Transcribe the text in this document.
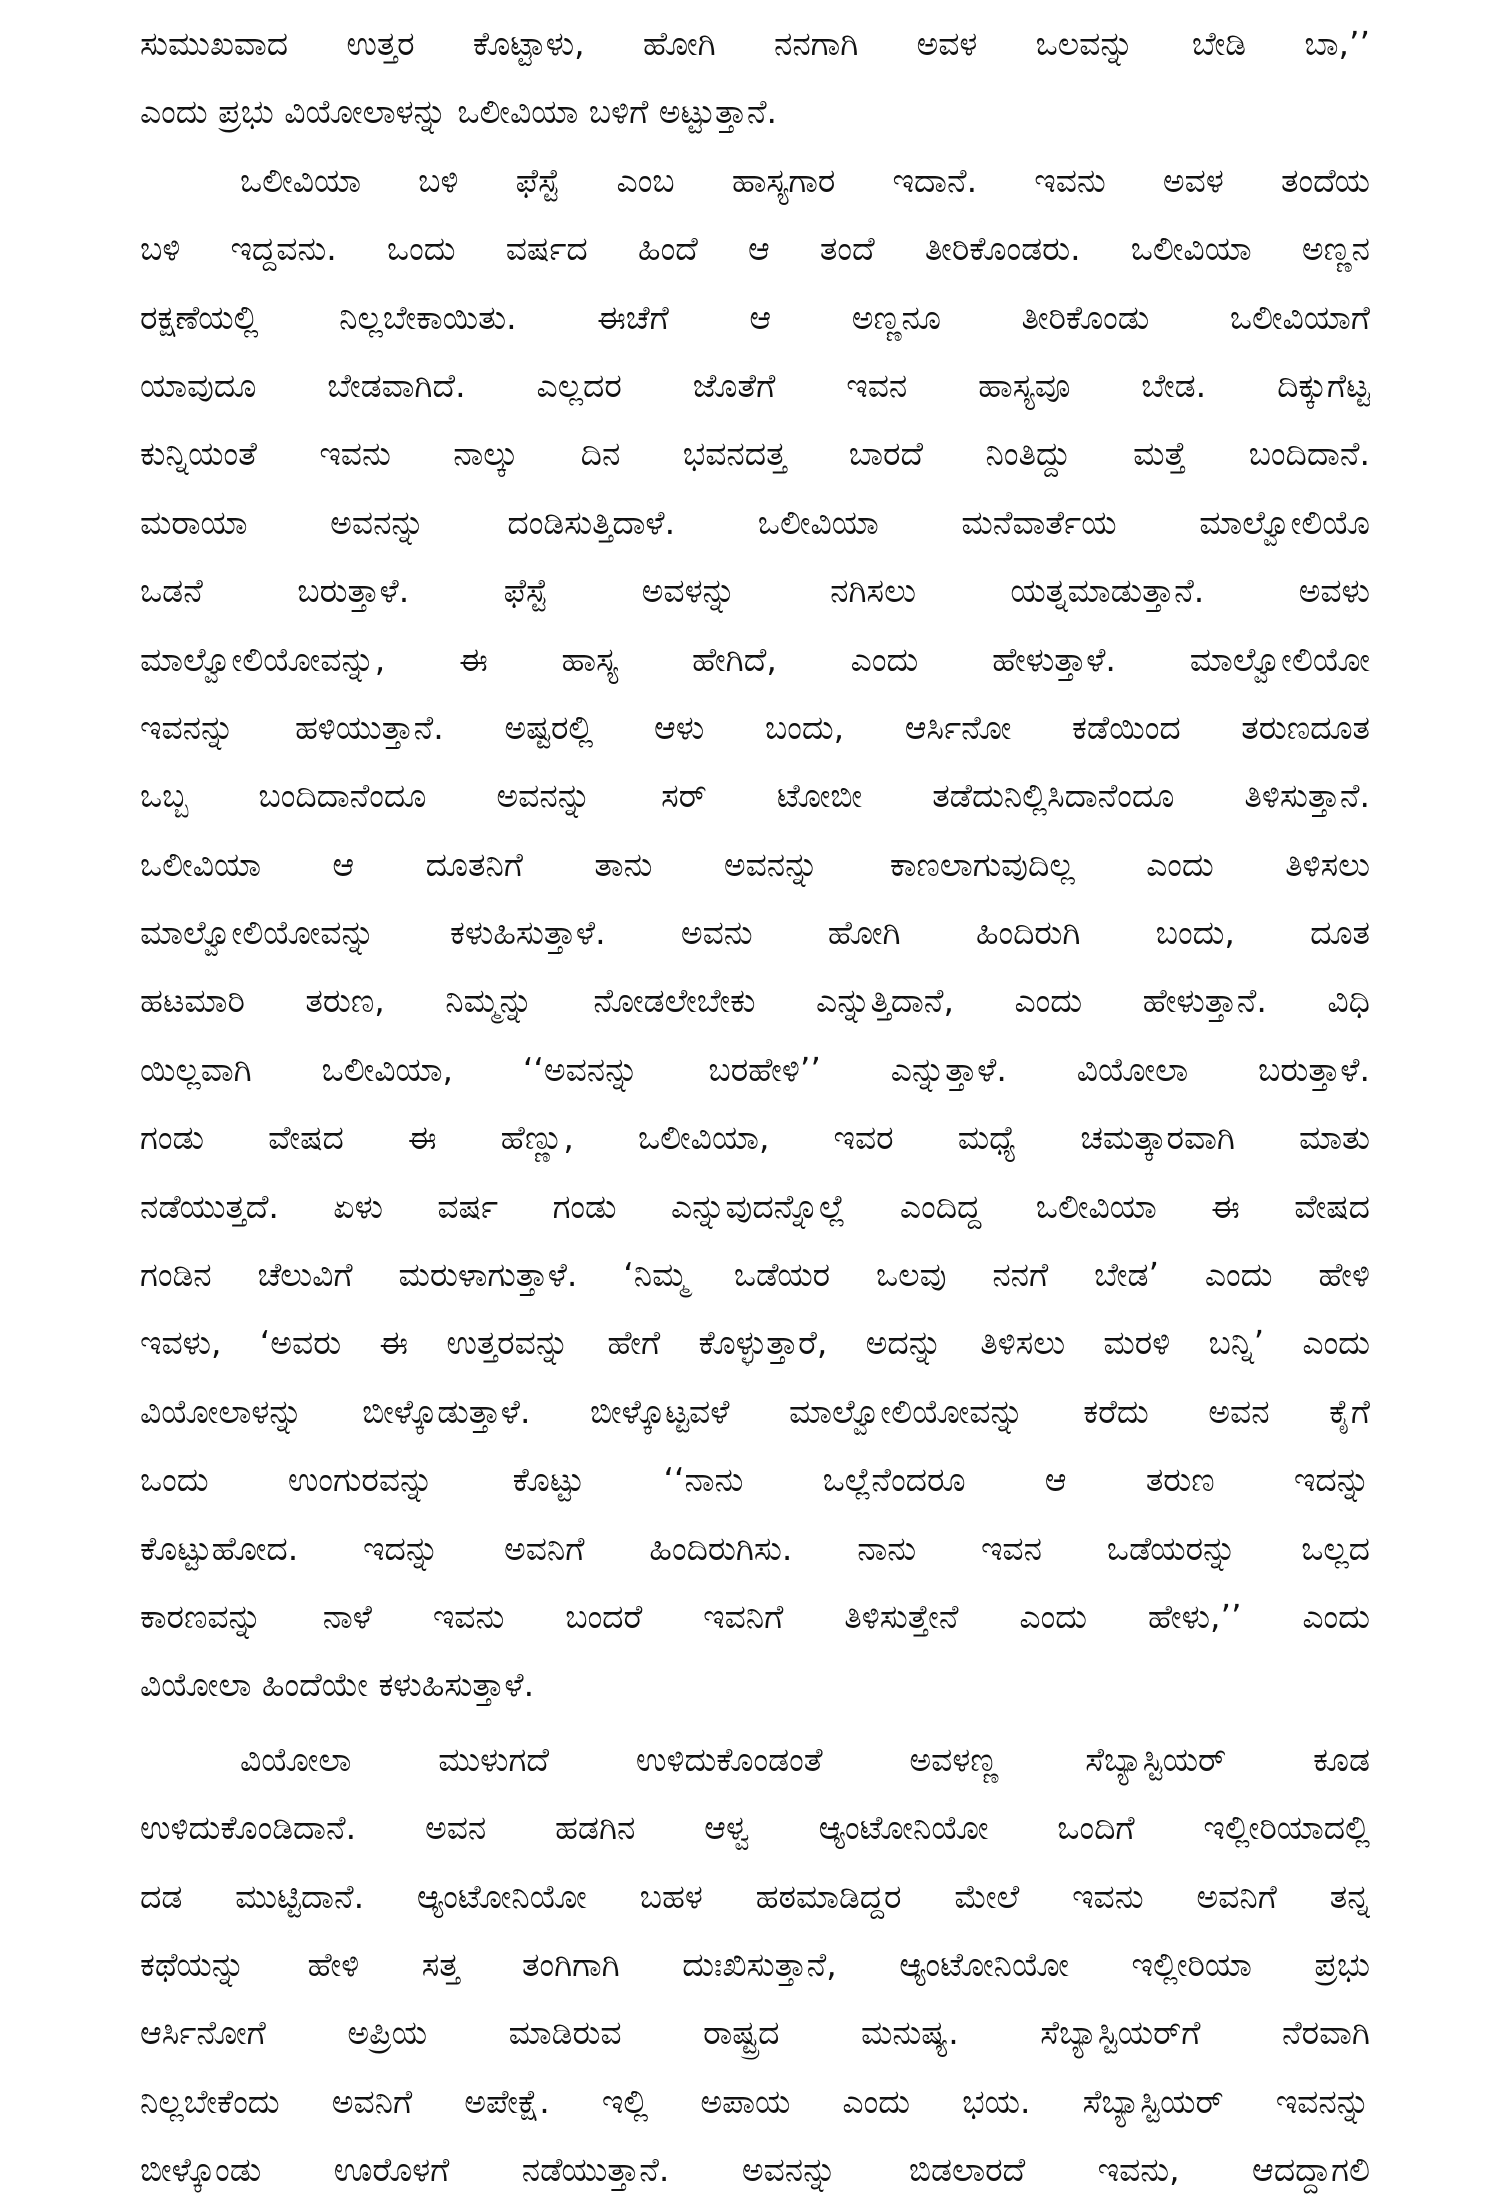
ಸುಮುಖವಾದ ಉತ್ತರ ಕೊಟ್ಟಾಳು, ಹೋಗಿ ನನಗಾಗಿ ಅವಳ ಒಲವನ್ನು ಬೇಡಿ ಬಾ,’’

ಎಂದು ಪ್ರಭು ವಿಯೋಲಾಳನ್ನು ಒಲೀವಿಯಾ ಬಳಿಗೆ ಅಟ್ಟುತ್ತಾನೆ.

ಒಲೀವಿಯಾ ಬಳಿ ಫೆಸ್ಟೆ ಎಂಬ ಹಾಸ್ಯಗಾರ ಇದಾನೆ. ಇವನು ಅವಳ ತಂದೆಯ

ಬಳಿ ಇದ್ದವನು. ಒಂದು ವರ್ಷದ ಹಿಂದೆ ಆ ತಂದೆ ತೀರಿಕೊಂಡರು. ಒಲೀವಿಯಾ ಅಣ್ಣನ

ರಕ್ಷಣೆಯಲ್ಲಿ ನಿಲ್ಲಬೇಕಾಯಿತು. ಈಚೆಗೆ ಆ ಅಣ್ಣನೂ ತೀರಿಕೊಂಡು ಒಲೀವಿಯಾಗೆ

ಯಾವುದೂ ಬೇಡವಾಗಿದೆ. ಎಲ್ಲದರ ಜೊತೆಗೆ ಇವನ ಹಾಸ್ಯವೂ ಬೇಡ. ದಿಕ್ಕುಗೆಟ್ಟ

ಕುನ್ನಿಯಂತೆ ಇವನು ನಾಲ್ಕು ದಿನ ಭವನದತ್ತ ಬಾರದೆ ನಿಂತಿದ್ದು ಮತ್ತೆ ಬಂದಿದಾನೆ.

ಮರಾಯಾ ಅವನನ್ನು ದಂಡಿಸುತ್ತಿದಾಳೆ. ಒಲೀವಿಯಾ ಮನೆವಾರ್ತೆಯ ಮಾಲ್ವೋಲಿಯೊ

ಒಡನೆ ಬರುತ್ತಾಳೆ. ಫೆಸ್ಟೆ ಅವಳನ್ನು ನಗಿಸಲು ಯತ್ನಮಾಡುತ್ತಾನೆ. ಅವಳು

ಮಾಲ್ವೋಲಿಯೋವನ್ನು, ಈ ಹಾಸ್ಯ ಹೇಗಿದೆ, ಎಂದು ಹೇಳುತ್ತಾಳೆ. ಮಾಲ್ವೋಲಿಯೋ

ಇವನನ್ನು ಹಳಿಯುತ್ತಾನೆ. ಅಷ್ಟರಲ್ಲಿ ಆಳು ಬಂದು, ಆರ್ಸಿನೋ ಕಡೆಯಿಂದ ತರುಣದೂತ

ಒಬ್ಬ ಬಂದಿದಾನೆಂದೂ ಅವನನ್ನು ಸರ್ ಟೋಬೀ ತಡೆದುನಿಲ್ಲಿಸಿದಾನೆಂದೂ ತಿಳಿಸುತ್ತಾನೆ.

ಒಲೀವಿಯಾ ಆ ದೂತನಿಗೆ ತಾನು ಅವನನ್ನು ಕಾಣಲಾಗುವುದಿಲ್ಲ ಎಂದು ತಿಳಿಸಲು

ಮಾಲ್ವೋಲಿಯೋವನ್ನು ಕಳುಹಿಸುತ್ತಾಳೆ. ಅವನು ಹೋಗಿ ಹಿಂದಿರುಗಿ ಬಂದು, ದೂತ

ಹಟಮಾರಿ ತರುಣ, ನಿಮ್ಮನ್ನು ನೋಡಲೇಬೇಕು ಎನ್ನುತ್ತಿದಾನೆ, ಎಂದು ಹೇಳುತ್ತಾನೆ. ವಿಧಿ

ಯಿಲ್ಲವಾಗಿ ಒಲೀವಿಯಾ, ‘‘ಅವನನ್ನು ಬರಹೇಳಿ’’ ಎನ್ನುತ್ತಾಳೆ. ವಿಯೋಲಾ ಬರುತ್ತಾಳೆ.

ಗಂಡು ವೇಷದ ಈ ಹೆಣ್ಣು, ಒಲೀವಿಯಾ, ಇವರ ಮಧ್ಯೆ ಚಮತ್ಕಾರವಾಗಿ ಮಾತು

ನಡೆಯುತ್ತದೆ. ಏಳು ವರ್ಷ ಗಂಡು ಎನ್ನುವುದನ್ನೊಲ್ಲೆ ಎಂದಿದ್ದ ಒಲೀವಿಯಾ ಈ ವೇಷದ

ಗಂಡಿನ ಚೆಲುವಿಗೆ ಮರುಳಾಗುತ್ತಾಳೆ. ‘ನಿಮ್ಮ ಒಡೆಯರ ಒಲವು ನನಗೆ ಬೇಡ’ ಎಂದು ಹೇಳಿ

ಇವಳು, ‘ಅವರು ಈ ಉತ್ತರವನ್ನು ಹೇಗೆ ಕೊಳ್ಳುತ್ತಾರೆ, ಅದನ್ನು ತಿಳಿಸಲು ಮರಳಿ ಬನ್ನಿ’ ಎಂದು

ವಿಯೋಲಾಳನ್ನು ಬೀಳ್ಕೊಡುತ್ತಾಳೆ. ಬೀಳ್ಕೊಟ್ಟವಳೆ ಮಾಲ್ವೋಲಿಯೋವನ್ನು ಕರೆದು ಅವನ ಕೈಗೆ

ಒಂದು ಉಂಗುರವನ್ನು ಕೊಟ್ಟು ‘‘ನಾನು ಒಲ್ಲೆನೆಂದರೂ ಆ ತರುಣ ಇದನ್ನು

ಕೊಟ್ಟುಹೋದ. ಇದನ್ನು ಅವನಿಗೆ ಹಿಂದಿರುಗಿಸು. ನಾನು ಇವನ ಒಡೆಯರನ್ನು ಒಲ್ಲದ

ಕಾರಣವನ್ನು ನಾಳೆ ಇವನು ಬಂದರೆ ಇವನಿಗೆ ತಿಳಿಸುತ್ತೇನೆ ಎಂದು ಹೇಳು,’’ ಎಂದು

ವಿಯೋಲಾ ಹಿಂದೆಯೇ ಕಳುಹಿಸುತ್ತಾಳೆ.

ವಿಯೋಲಾ ಮುಳುಗದೆ ಉಳಿದುಕೊಂಡಂತೆ ಅವಳಣ್ಣ ಸೆಬ್ಯಾಸ್ಟಿಯರ್ ಕೂಡ

ಉಳಿದುಕೊಂಡಿದಾನೆ. ಅವನ ಹಡಗಿನ ಆಳ್ವ ಆ್ಯಂಟೋನಿಯೋ ಒಂದಿಗೆ ಇಲ್ಲೀರಿಯಾದಲ್ಲಿ

ದಡ ಮುಟ್ಟಿದಾನೆ. ಆ್ಯಂಟೋನಿಯೋ ಬಹಳ ಹಠಮಾಡಿದ್ದರ ಮೇಲೆ ಇವನು ಅವನಿಗೆ ತನ್ನ

ಕಥೆಯನ್ನು ಹೇಳಿ ಸತ್ತ ತಂಗಿಗಾಗಿ ದುಃಖಿಸುತ್ತಾನೆ, ಆ್ಯಂಟೋನಿಯೋ ಇಲ್ಲೀರಿಯಾ ಪ್ರಭು

ಆರ್ಸಿನೋಗೆ ಅಪ್ರಿಯ ಮಾಡಿರುವ ರಾಷ್ಟ್ರದ ಮನುಷ್ಯ. ಸೆಬ್ಯಾಸ್ಟಿಯರ್‌ಗೆ ನೆರವಾಗಿ

ನಿಲ್ಲಬೇಕೆಂದು ಅವನಿಗೆ ಅಪೇಕ್ಷೆ. ಇಲ್ಲಿ ಅಪಾಯ ಎಂದು ಭಯ. ಸೆಬ್ಯಾಸ್ಟಿಯರ್ ಇವನನ್ನು

ಬೀಳ್ಕೊಂಡು ಊರೊಳಗೆ ನಡೆಯುತ್ತಾನೆ. ಅವನನ್ನು ಬಿಡಲಾರದೆ ಇವನು, ಆದದ್ದಾಗಲಿ
